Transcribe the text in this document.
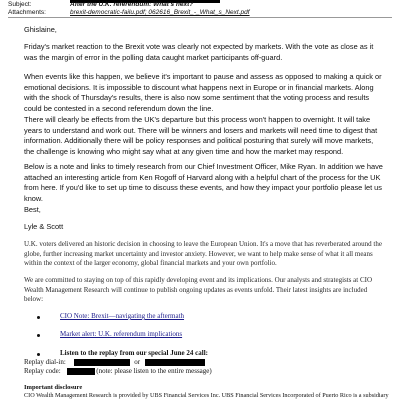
Subject:	After the U.K. referendum: What's next?
Attachments:	brexit-democratic-failu.pdf; 062616_Brexit_-_What_s_Next.pdf

Ghislaine,

Friday's market reaction to the Brexit vote was clearly not expected by markets. With the vote as close as it was the margin of error in the polling data caught market participants off-guard.

When events like this happen, we believe it's important to pause and assess as opposed to making a quick or emotional decisions. It is impossible to discount what happens next in Europe or in financial markets. Along with the shock of Thursday's results, there is also now some sentiment that the voting process and results could be contested in a second referendum down the line.

There will clearly be effects from the UK's departure but this process won't happen to overnight. It will take years to understand and work out. There will be winners and losers and markets will need time to digest that information. Additionally there will be policy responses and political posturing that surely will move markets, the challenge is knowing who might say what at any given time and how the market may respond.

Below is a note and links to timely research from our Chief Investment Officer, Mike Ryan. In addition we have attached an interesting article from Ken Rogoff of Harvard along with a helpful chart of the process for the UK from here. If you'd like to set up time to discuss these events, and how they impact your portfolio please let us know.

Best,

Lyle & Scott

U.K. voters delivered an historic decision in choosing to leave the European Union. It's a move that has reverberated around the globe, further increasing market uncertainty and investor anxiety. However, we want to help make sense of what it all means within the context of the larger economy, global financial markets and your own portfolio.

We are committed to staying on top of this rapidly developing event and its implications. Our analysts and strategists at CIO Wealth Management Research will continue to publish ongoing updates as events unfold. Their latest insights are included below:

CIO Note: Brexit—navigating the aftermath
Market alert: U.K. referendum implications
Listen to the replay from our special June 24 call:
Replay dial-in:	or
Replay code:	(note: please listen to the entire message)
Important disclosure
CIO Wealth Management Research is provided by UBS Financial Services Inc. UBS Financial Services Incorporated of Puerto Rico is a subsidiary
